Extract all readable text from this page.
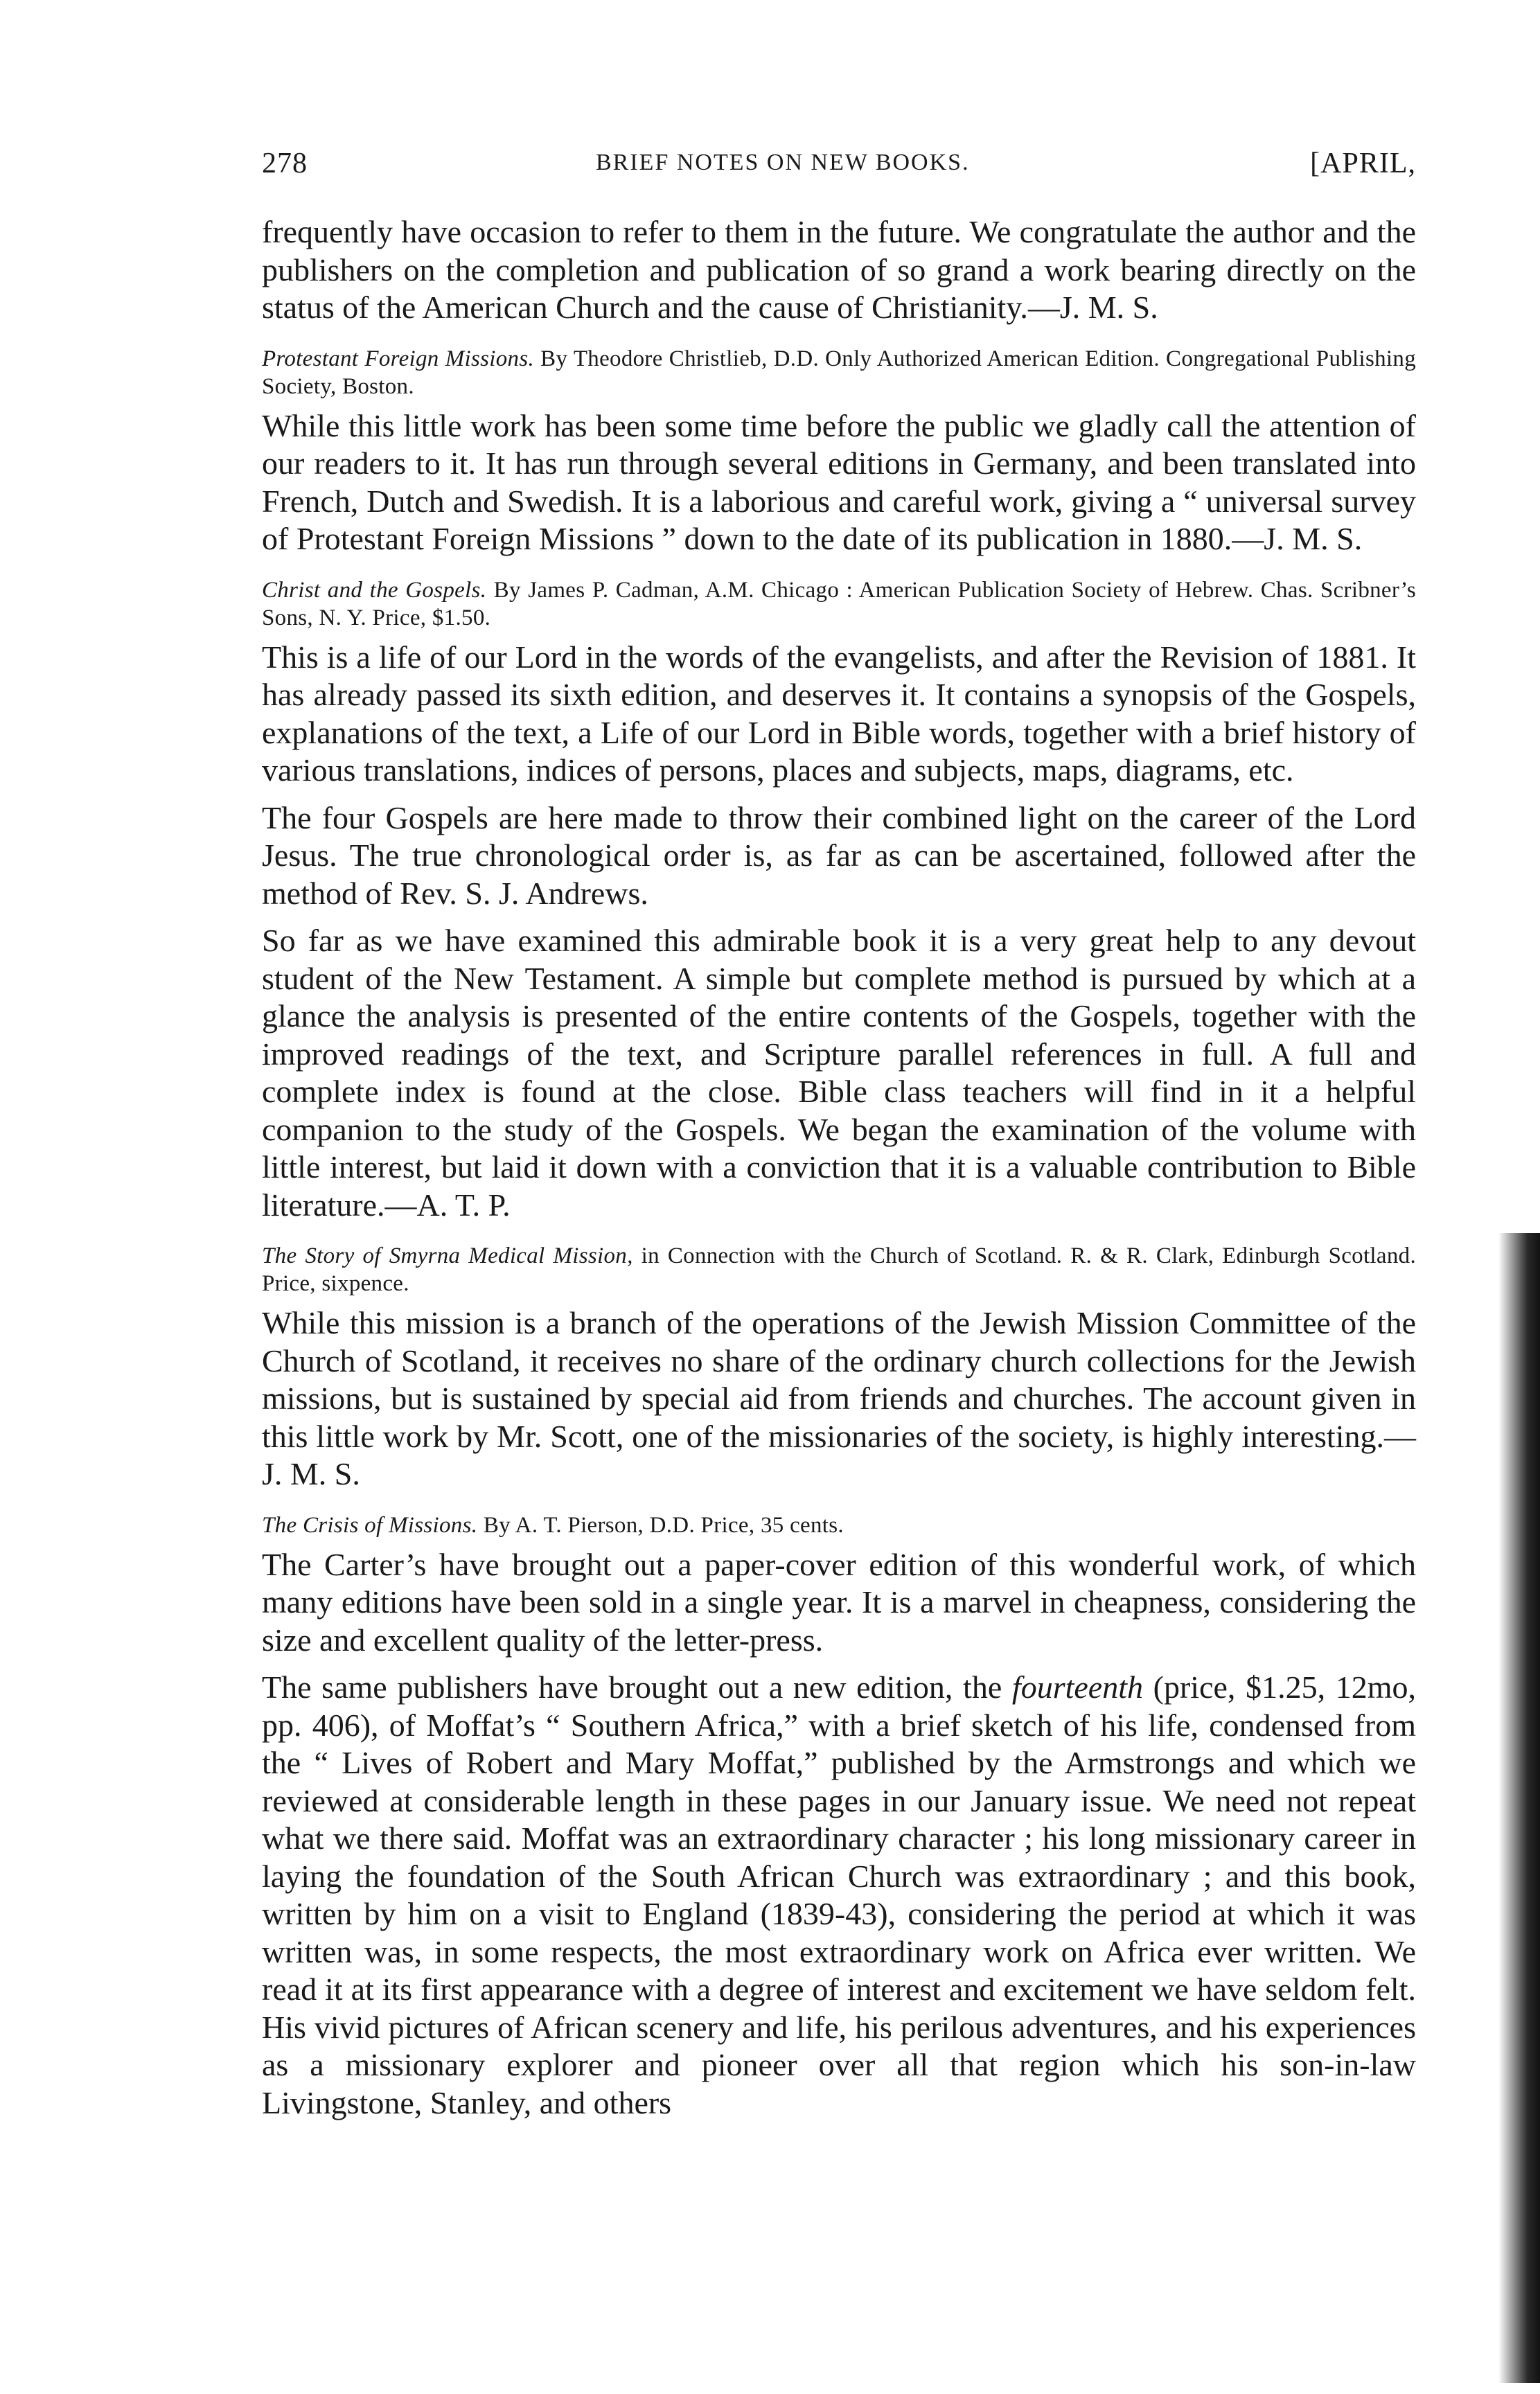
278	BRIEF NOTES ON NEW BOOKS.	[APRIL,

frequently have occasion to refer to them in the future. We congratulate the author and the publishers on the completion and publication of so grand a work bearing directly on the status of the American Church and the cause of Christianity.—J. M. S.

Protestant Foreign Missions. By Theodore Christlieb, D.D. Only Authorized American Edition. Congregational Publishing Society, Boston.

While this little work has been some time before the public we gladly call the attention of our readers to it. It has run through several editions in Germany, and been translated into French, Dutch and Swedish. It is a laborious and careful work, giving a “ universal survey of Protestant Foreign Missions ” down to the date of its publication in 1880.—J. M. S.

Christ and the Gospels. By James P. Cadman, A.M. Chicago : American Publication Society of Hebrew. Chas. Scribner’s Sons, N. Y. Price, $1.50.

This is a life of our Lord in the words of the evangelists, and after the Revision of 1881. It has already passed its sixth edition, and deserves it. It contains a synopsis of the Gospels, explanations of the text, a Life of our Lord in Bible words, together with a brief history of various translations, indices of persons, places and subjects, maps, diagrams, etc.

The four Gospels are here made to throw their combined light on the career of the Lord Jesus. The true chronological order is, as far as can be ascertained, followed after the method of Rev. S. J. Andrews.

So far as we have examined this admirable book it is a very great help to any devout student of the New Testament. A simple but complete method is pursued by which at a glance the analysis is presented of the entire contents of the Gospels, together with the improved readings of the text, and Scripture parallel references in full. A full and complete index is found at the close. Bible class teachers will find in it a helpful companion to the study of the Gospels. We began the examination of the volume with little interest, but laid it down with a conviction that it is a valuable contribution to Bible literature.—A. T. P.

The Story of Smyrna Medical Mission, in Connection with the Church of Scotland. R. & R. Clark, Edinburgh Scotland. Price, sixpence.

While this mission is a branch of the operations of the Jewish Mission Committee of the Church of Scotland, it receives no share of the ordinary church collections for the Jewish missions, but is sustained by special aid from friends and churches. The account given in this little work by Mr. Scott, one of the missionaries of the society, is highly interesting.—J. M. S.

The Crisis of Missions. By A. T. Pierson, D.D. Price, 35 cents.

The Carter’s have brought out a paper-cover edition of this wonderful work, of which many editions have been sold in a single year. It is a marvel in cheapness, considering the size and excellent quality of the letter-press.

The same publishers have brought out a new edition, the fourteenth (price, $1.25, 12mo, pp. 406), of Moffat’s “ Southern Africa,” with a brief sketch of his life, condensed from the “ Lives of Robert and Mary Moffat,” published by the Armstrongs and which we reviewed at considerable length in these pages in our January issue. We need not repeat what we there said. Moffat was an extraordinary character ; his long missionary career in laying the foundation of the South African Church was extraordinary ; and this book, written by him on a visit to England (1839-43), considering the period at which it was written was, in some respects, the most extraordinary work on Africa ever written. We read it at its first appearance with a degree of interest and excitement we have seldom felt. His vivid pictures of African scenery and life, his perilous adventures, and his experiences as a missionary explorer and pioneer over all that region which his son-in-law Livingstone, Stanley, and others
